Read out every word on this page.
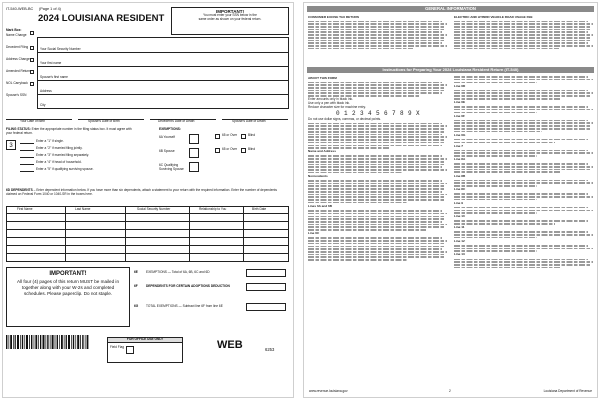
IT-540-WEB-BC (Page 1 of 4)
2024 LOUISIANA RESIDENT
IMPORTANT!
You must enter your SSN below in the
same order as shown on your federal return.
Mark Box:
Name Change
Decedent Filing
Address Change
Amended Return
NOL Carryback
Spouse's SSN
Your Social Security Number
Your first name
Spouse's first name
Address
City
Your Date of Birth	Spouse's Date of Birth	Decedent's Date of Death	Spouse's Date of Death
FILING STATUS: Enter the appropriate number in the filing status box. It must agree with your federal return.
3
Enter a "1" if single.
Enter a "2" if married filing jointly.
Enter a "3" if married filing separately.
Enter a "4" if head of household.
Enter a "5" if qualifying surviving spouse.
EXEMPTIONS:
6A Yourself
6B Spouse
6C Qualifying Surviving Spouse
65 or Over	Blind
65 or Over	Blind
6D DEPENDENTS – Enter dependent information below. If you have more than six dependents, attach a statement to your return with the required information. Enter the number of dependents claimed on Federal Form 1040 or 1040-SR in the boxes here.
First Name	Last Name	Social Security Number	Relationship to You	Birth Date
IMPORTANT!
All four (4) pages of this return MUST be mailed in together along with your W-2s and completed schedules. Please paperclip. Do not staple.
6E	EXEMPTIONS — Total of 6A, 6B, 6C and 6D
6F	DEPENDENTS FOR CERTAIN ADOPTIONS DEDUCTION
6G TOTAL EXEMPTIONS — Subtract line 6F from line 6E
FOR OFFICE USE ONLY
Field Flag	WEB	6253
GENERAL INFORMATION
CONSUMER EXCISE TAX RETURN	ELECTRIC AND HYBRID VEHICLE ROAD USAGE FEE
Instructions for Preparing Your 2024 Louisiana Resident Return (IT-540)
ABOUT THIS FORM
Enter amounts only in black ink.
Use only a pen with black ink.
Reduce character size for machine entry.
0 1 2 3 4 5 6 7 8 9 X
Do not use dollar signs, commas, or decimal points.
Name and Address
Nonresidents
Lines 6A and 6B
Line 6C
Line 6D
Line 6E
Line 6F
Line 6G
Line 7
Line 8A
Line 8B
Line 8C
Line 9
Line 10
Line 11
Line 12
Line 13
www.revenue.louisiana.gov	2	Louisiana Department of Revenue
